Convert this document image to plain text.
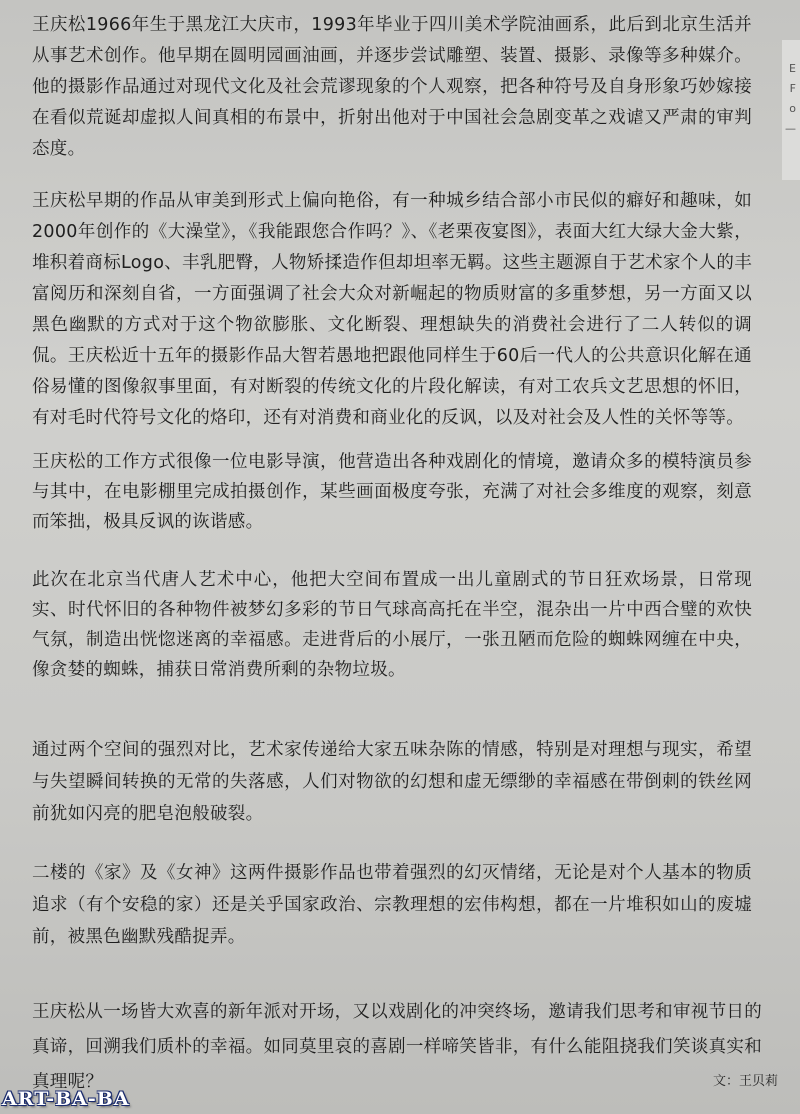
E
F
o
—

王庆松1966年生于黑龙江大庆市，1993年毕业于四川美术学院油画系，此后到北京生活并从事艺术创作。他早期在圆明园画油画，并逐步尝试雕塑、装置、摄影、录像等多种媒介。他的摄影作品通过对现代文化及社会荒谬现象的个人观察，把各种符号及自身形象巧妙嫁接在看似荒诞却虚拟人间真相的布景中，折射出他对于中国社会急剧变革之戏谑又严肃的审判态度。

王庆松早期的作品从审美到形式上偏向艳俗，有一种城乡结合部小市民似的癖好和趣味，如2000年创作的《大澡堂》，《我能跟您合作吗？》、《老栗夜宴图》，表面大红大绿大金大紫，堆积着商标Logo、丰乳肥臀，人物矫揉造作但却坦率无羁。这些主题源自于艺术家个人的丰富阅历和深刻自省，一方面强调了社会大众对新崛起的物质财富的多重梦想，另一方面又以黑色幽默的方式对于这个物欲膨胀、文化断裂、理想缺失的消费社会进行了二人转似的调侃。王庆松近十五年的摄影作品大智若愚地把跟他同样生于60后一代人的公共意识化解在通俗易懂的图像叙事里面，有对断裂的传统文化的片段化解读，有对工农兵文艺思想的怀旧，有对毛时代符号文化的烙印，还有对消费和商业化的反讽，以及对社会及人性的关怀等等。

王庆松的工作方式很像一位电影导演，他营造出各种戏剧化的情境，邀请众多的模特演员参与其中，在电影棚里完成拍摄创作，某些画面极度夸张，充满了对社会多维度的观察，刻意而笨拙，极具反讽的诙谐感。

此次在北京当代唐人艺术中心，他把大空间布置成一出儿童剧式的节日狂欢场景，日常现实、时代怀旧的各种物件被梦幻多彩的节日气球高高托在半空，混杂出一片中西合璧的欢快气氛，制造出恍惚迷离的幸福感。走进背后的小展厅，一张丑陋而危险的蜘蛛网缠在中央，像贪婪的蜘蛛，捕获日常消费所剩的杂物垃圾。

通过两个空间的强烈对比，艺术家传递给大家五味杂陈的情感，特别是对理想与现实，希望与失望瞬间转换的无常的失落感，人们对物欲的幻想和虚无缥缈的幸福感在带倒刺的铁丝网前犹如闪亮的肥皂泡般破裂。

二楼的《家》及《女神》这两件摄影作品也带着强烈的幻灭情绪，无论是对个人基本的物质追求（有个安稳的家）还是关乎国家政治、宗教理想的宏伟构想，都在一片堆积如山的废墟前，被黑色幽默残酷捉弄。

王庆松从一场皆大欢喜的新年派对开场，又以戏剧化的冲突终场，邀请我们思考和审视节日的真谛，回溯我们质朴的幸福。如同莫里哀的喜剧一样啼笑皆非，有什么能阻挠我们笑谈真实和真理呢？	文：王贝莉
ART-BA-BA
